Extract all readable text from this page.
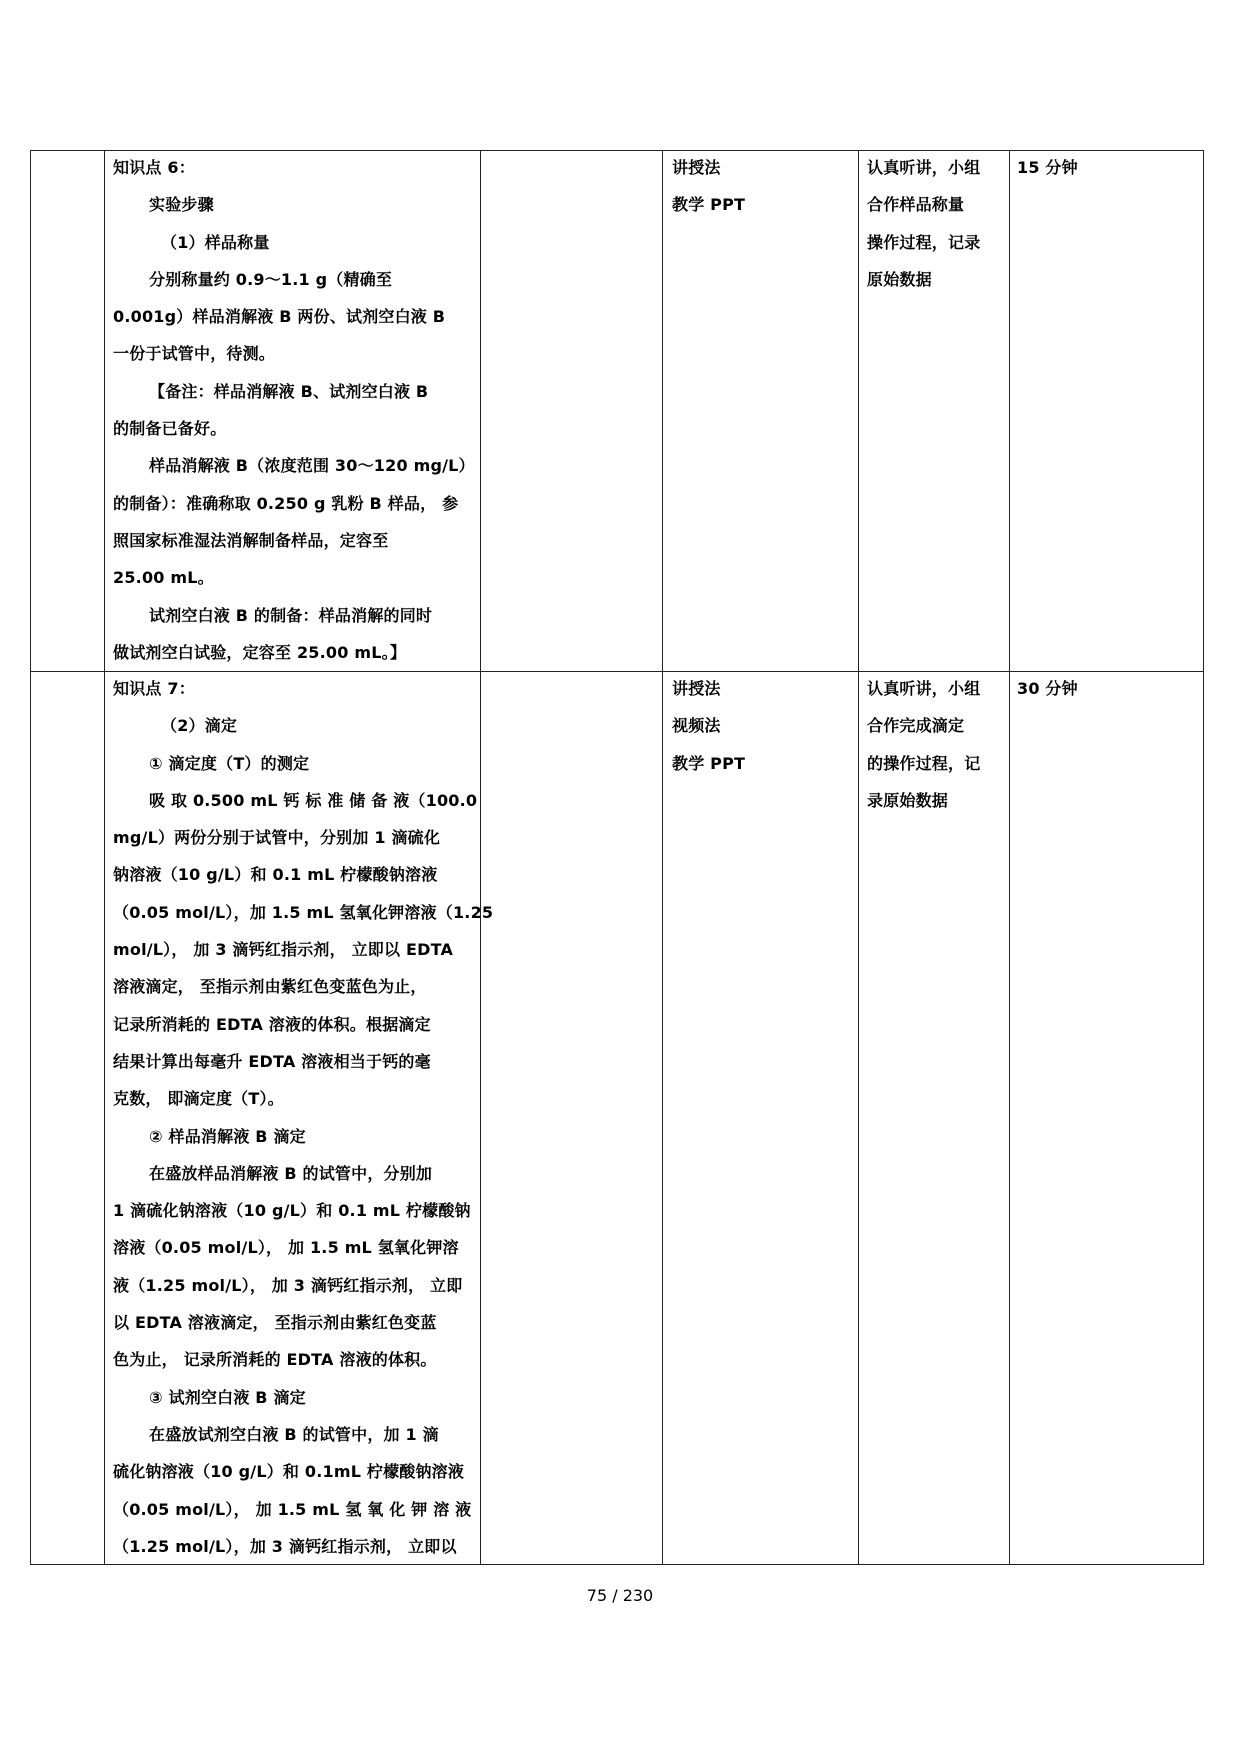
知识点 6：
实验步骤
（1）样品称量
分别称量约 0.9～1.1 g（精确至
0.001g）样品消解液 B 两份、试剂空白液 B
一份于试管中，待测。
【备注：样品消解液 B、试剂空白液 B
的制备已备好。
样品消解液 B（浓度范围 30～120 mg/L）
的制备）：准确称取 0.250 g 乳粉 B 样品， 参
照国家标准湿法消解制备样品，定容至
25.00 mL。
试剂空白液 B 的制备：样品消解的同时
做试剂空白试验，定容至 25.00 mL。】
讲授法
教学 PPT
认真听讲，小组
合作样品称量
操作过程，记录
原始数据
15 分钟
知识点 7：
（2）滴定
① 滴定度（T）的测定
吸 取 0.500 mL 钙 标 准 储 备 液（100.0
mg/L）两份分别于试管中，分别加 1 滴硫化
钠溶液（10 g/L）和 0.1 mL 柠檬酸钠溶液
（0.05 mol/L），加 1.5 mL 氢氧化钾溶液（1.25
mol/L）， 加 3 滴钙红指示剂， 立即以 EDTA
溶液滴定， 至指示剂由紫红色变蓝色为止，
记录所消耗的 EDTA 溶液的体积。根据滴定
结果计算出每毫升 EDTA 溶液相当于钙的毫
克数， 即滴定度（T）。
② 样品消解液 B 滴定
在盛放样品消解液 B 的试管中，分别加
1 滴硫化钠溶液（10 g/L）和 0.1 mL 柠檬酸钠
溶液（0.05 mol/L）， 加 1.5 mL 氢氧化钾溶
液（1.25 mol/L）， 加 3 滴钙红指示剂， 立即
以 EDTA 溶液滴定， 至指示剂由紫红色变蓝
色为止， 记录所消耗的 EDTA 溶液的体积。
③ 试剂空白液 B 滴定
在盛放试剂空白液 B 的试管中，加 1 滴
硫化钠溶液（10 g/L）和 0.1mL 柠檬酸钠溶液
（0.05 mol/L）， 加 1.5 mL 氢 氧 化 钾 溶 液
（1.25 mol/L），加 3 滴钙红指示剂， 立即以
讲授法
视频法
教学 PPT
认真听讲，小组
合作完成滴定
的操作过程，记
录原始数据
30 分钟
75 / 230
